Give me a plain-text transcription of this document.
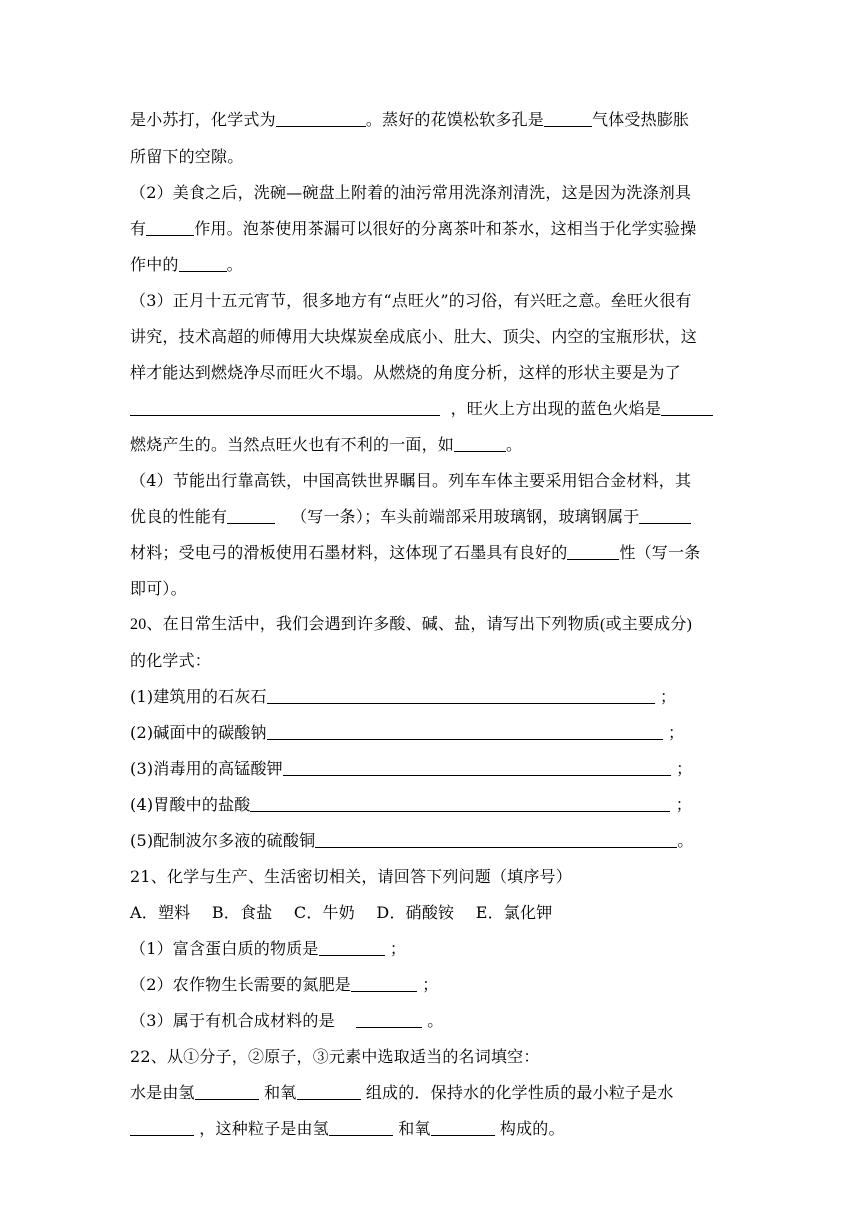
是小苏打，化学式为	。蒸好的花馍松软多孔是	气体受热膨胀
所留下的空隙。
（2）美食之后，洗碗—碗盘上附着的油污常用洗涤剂清洗，这是因为洗涤剂具
有	作用。泡茶使用茶漏可以很好的分离茶叶和茶水，这相当于化学实验操
作中的	。
（3）正月十五元宵节，很多地方有“点旺火”的习俗，有兴旺之意。垒旺火很有
讲究，技术高超的师傅用大块煤炭垒成底小、肚大、顶尖、内空的宝瓶形状，这
样才能达到燃烧净尽而旺火不塌。从燃烧的角度分析，这样的形状主要是为了
，旺火上方出现的蓝色火焰是
燃烧产生的。当然点旺火也有不利的一面，如	。
（4）节能出行靠高铁，中国高铁世界瞩目。列车车体主要采用铝合金材料，其
优良的性能有	（写一条）；车头前端部采用玻璃钢，玻璃钢属于
材料；受电弓的滑板使用石墨材料，这体现了石墨具有良好的	性（写一条
即可）。
20、在日常生活中，我们会遇到许多酸、碱、盐，请写出下列物质(或主要成分)
的化学式：
(1)建筑用的石灰石	；
(2)碱面中的碳酸钠	；
(3)消毒用的高锰酸钾	；
(4)胃酸中的盐酸	；
(5)配制波尔多液的硫酸铜	。
21、化学与生产、生活密切相关，请回答下列问题（填序号）
A．塑料　 B．食盐　 C．牛奶　 D．硝酸铵　 E．氯化钾
（1）富含蛋白质的物质是	；
（2）农作物生长需要的氮肥是	；
（3）属于有机合成材料的是	。
22、从①分子，②原子，③元素中选取适当的名词填空：
水是由氢	和氧	组成的．保持水的化学性质的最小粒子是水
，这种粒子是由氢	和氧	构成的。
